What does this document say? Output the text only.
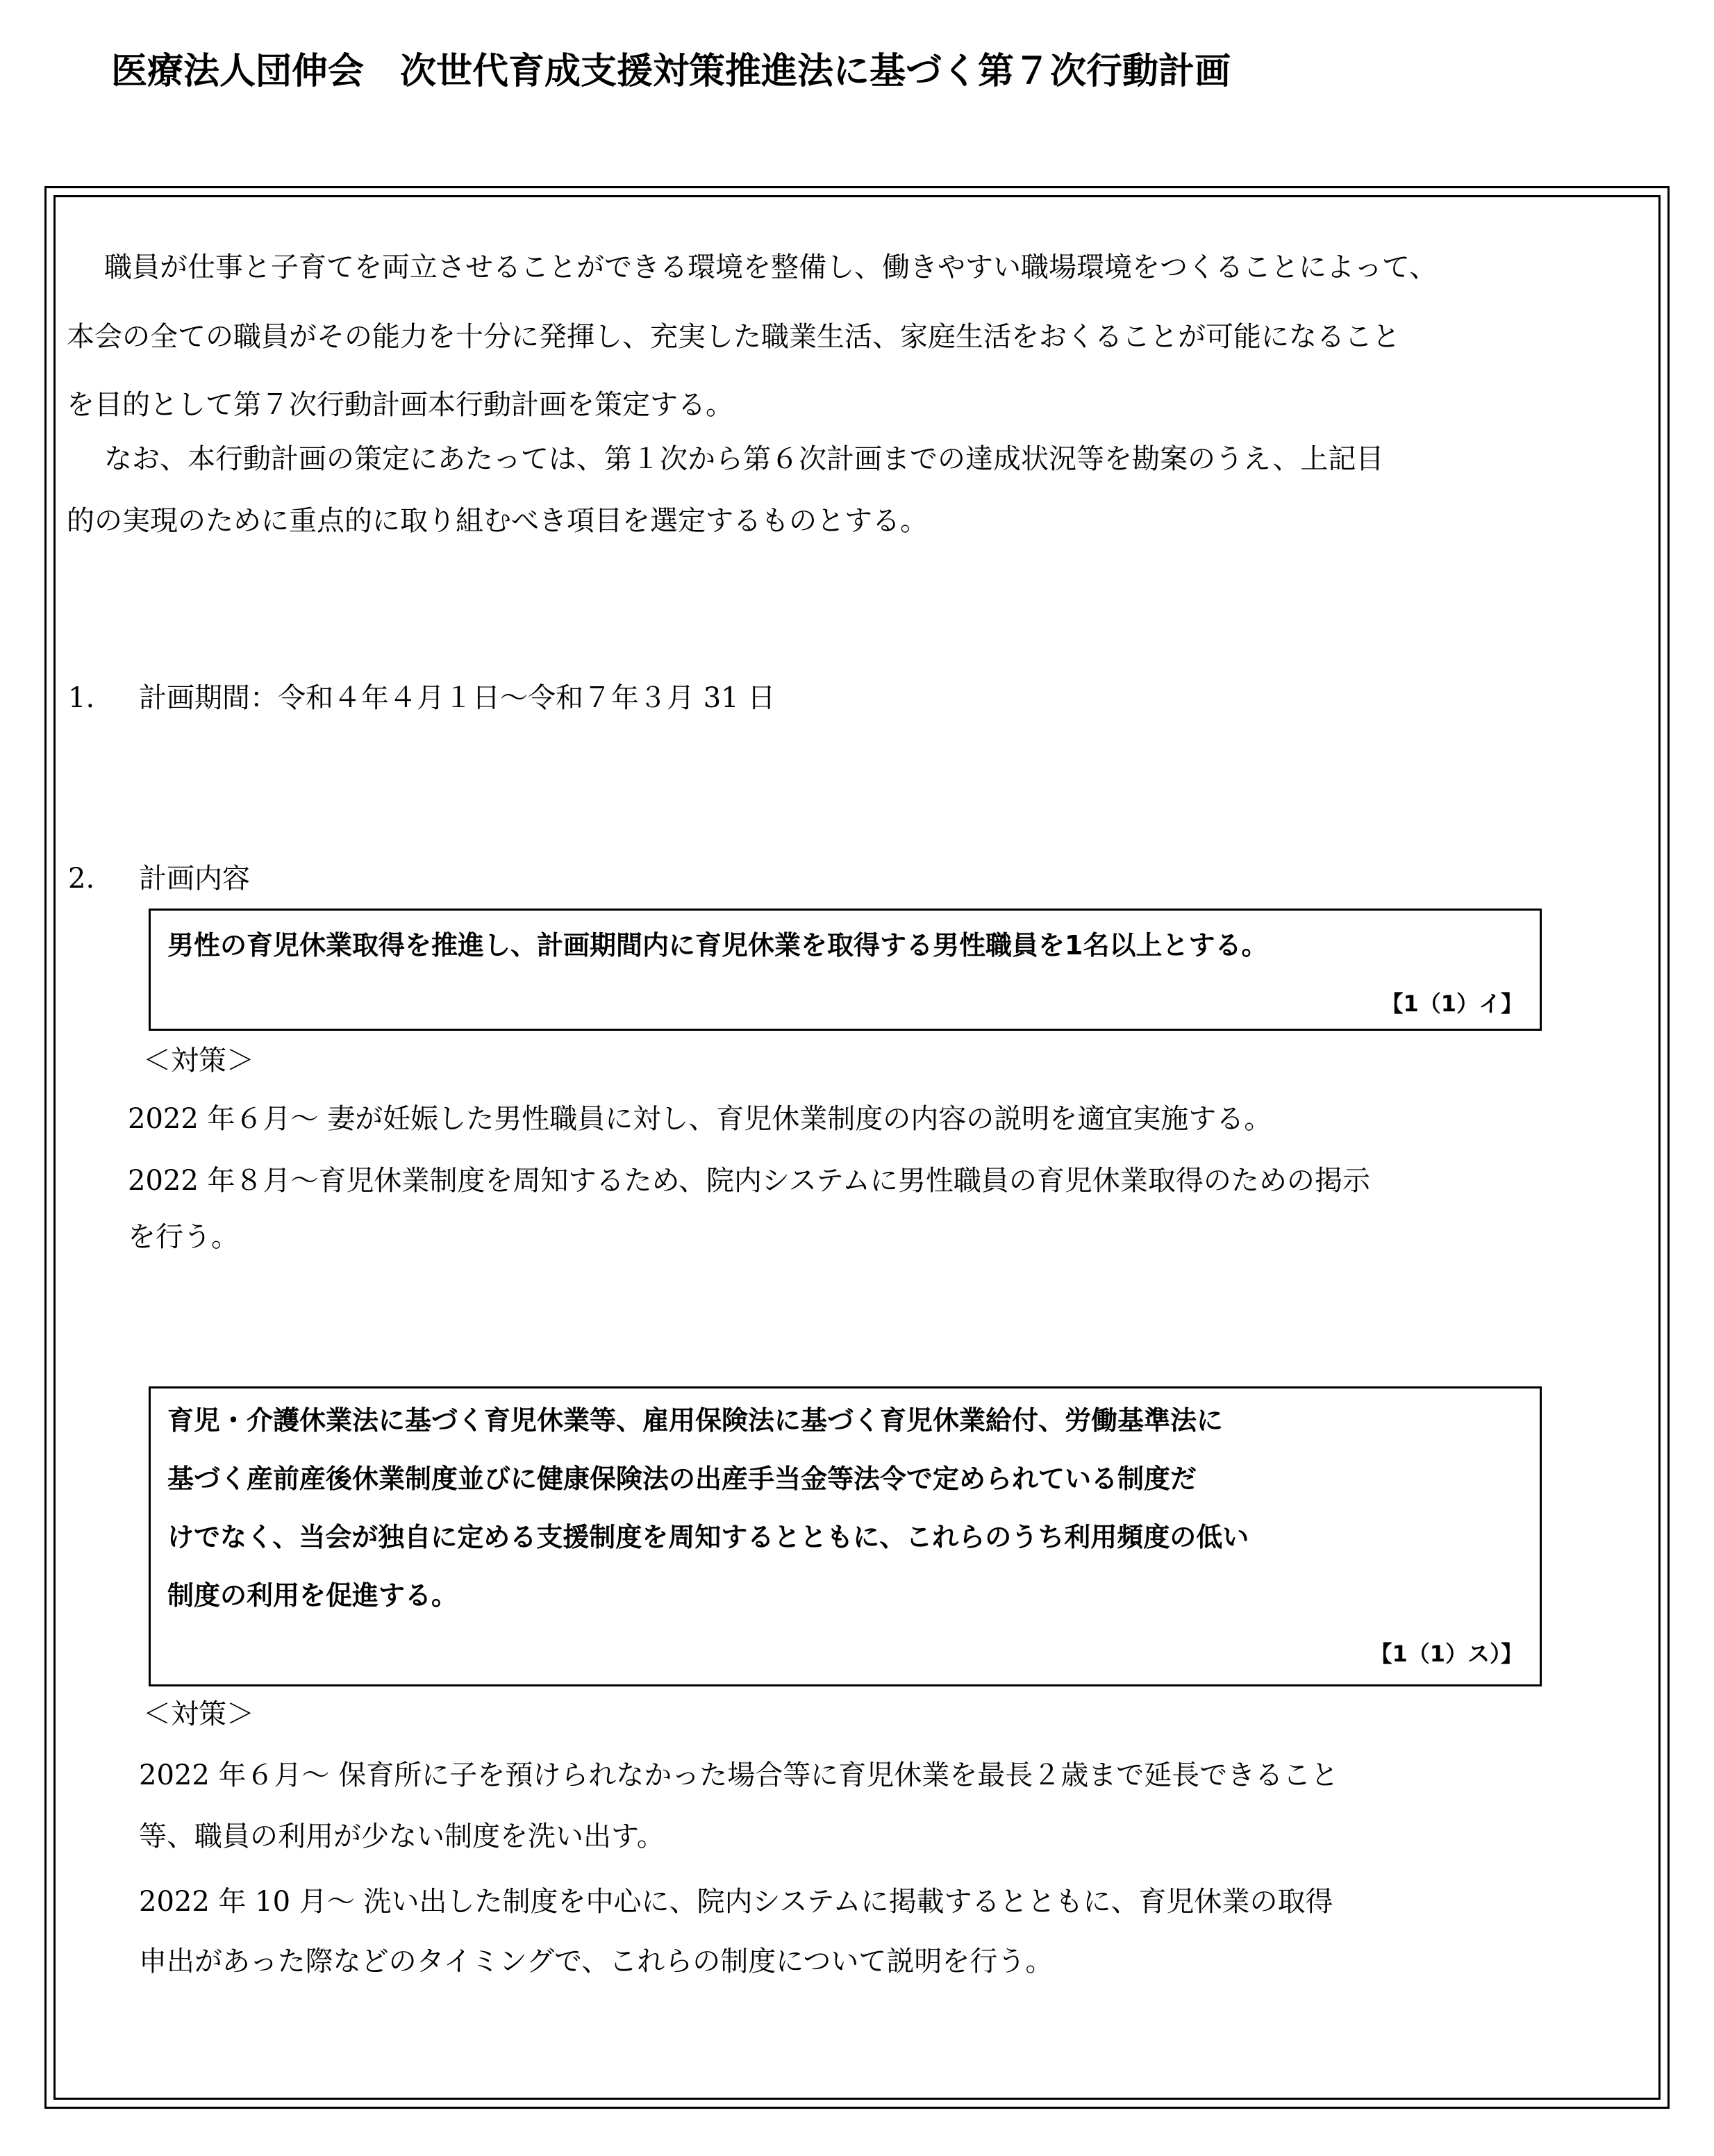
医療法人団伸会　次世代育成支援対策推進法に基づく第７次行動計画

職員が仕事と子育てを両立させることができる環境を整備し、働きやすい職場環境をつくることによって、

本会の全ての職員がその能力を十分に発揮し、充実した職業生活、家庭生活をおくることが可能になること

を目的として第７次行動計画本行動計画を策定する。

なお、本行動計画の策定にあたっては、第１次から第６次計画までの達成状況等を勘案のうえ、上記目

的の実現のために重点的に取り組むべき項目を選定するものとする。

1. 計画期間：令和４年４月１日～令和７年３月 31 日

2. 計画内容

男性の育児休業取得を推進し、計画期間内に育児休業を取得する男性職員を1名以上とする。

【1（1）イ】

＜対策＞

2022 年６月～ 妻が妊娠した男性職員に対し、育児休業制度の内容の説明を適宜実施する。

2022 年８月～育児休業制度を周知するため、院内システムに男性職員の育児休業取得のための掲示

を行う。

育児・介護休業法に基づく育児休業等、雇用保険法に基づく育児休業給付、労働基準法に

基づく産前産後休業制度並びに健康保険法の出産手当金等法令で定められている制度だ

けでなく、当会が独自に定める支援制度を周知するとともに、これらのうち利用頻度の低い

制度の利用を促進する。

【1（1）ス）】

＜対策＞

2022 年６月～ 保育所に子を預けられなかった場合等に育児休業を最長２歳まで延長できること

等、職員の利用が少ない制度を洗い出す。

2022 年 10 月～ 洗い出した制度を中心に、院内システムに掲載するとともに、育児休業の取得

申出があった際などのタイミングで、これらの制度について説明を行う。
